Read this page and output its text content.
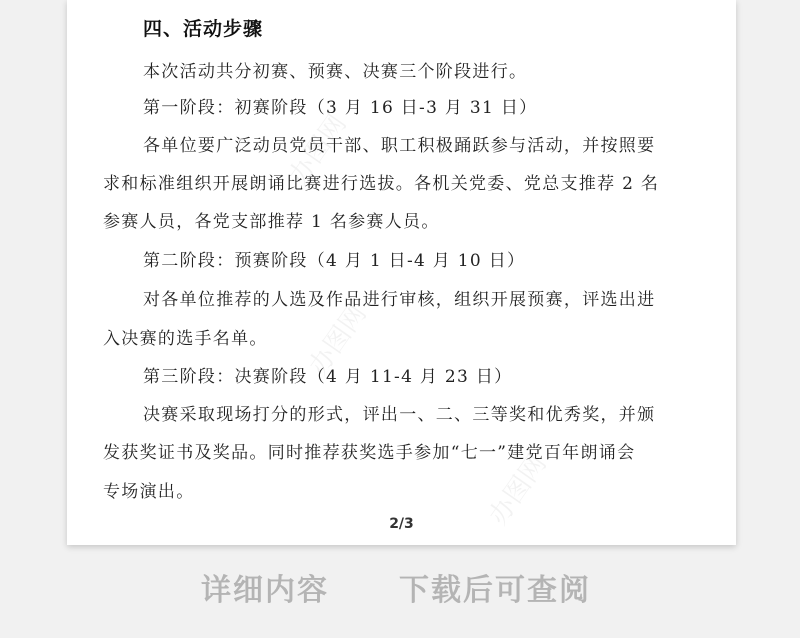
四、活动步骤
本次活动共分初赛、预赛、决赛三个阶段进行。
第一阶段：初赛阶段（3 月 16 日-3 月 31 日）
各单位要广泛动员党员干部、职工积极踊跃参与活动，并按照要
求和标准组织开展朗诵比赛进行选拔。各机关党委、党总支推荐 2 名
参赛人员，各党支部推荐 1 名参赛人员。
第二阶段：预赛阶段（4 月 1 日-4 月 10 日）
对各单位推荐的人选及作品进行审核，组织开展预赛，评选出进
入决赛的选手名单。
第三阶段：决赛阶段（4 月 11-4 月 23 日）
决赛采取现场打分的形式，评出一、二、三等奖和优秀奖，并颁
发获奖证书及奖品。同时推荐获奖选手参加“七一”建党百年朗诵会
专场演出。
办图网
办图网
办图网
2/3
详细内容 下载后可查阅
